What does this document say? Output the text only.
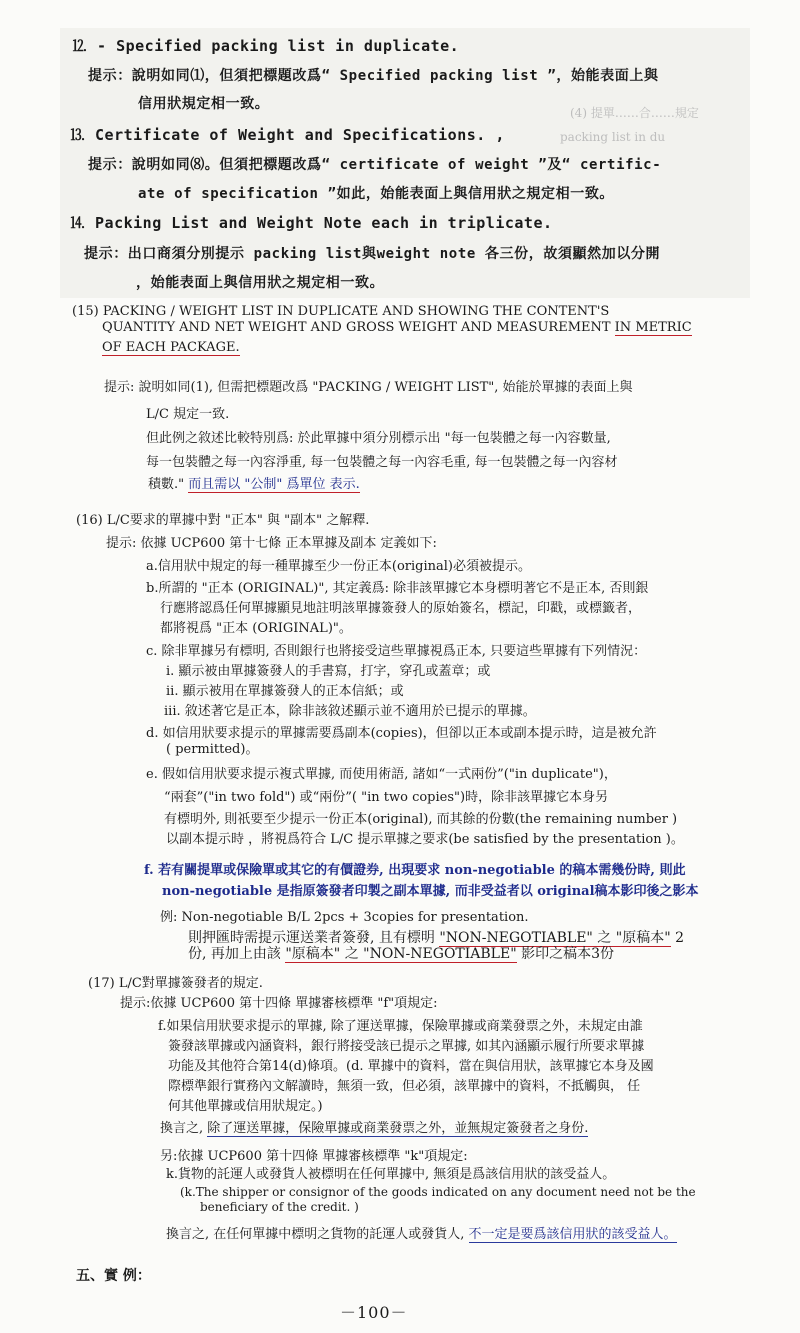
(4) 提單……合……規定
packing list in du
⒓ - Specified packing list in duplicate.
提示：說明如同⑴，但須把標題改爲“ Specified packing list ”，始能表面上與
信用狀規定相一致。
⒔ Certificate of Weight and Specifications. ,
提示：說明如同⑻。但須把標題改爲“ certificate of weight ”及“ certific-
ate of specification ”如此，始能表面上與信用狀之規定相一致。
⒕ Packing List and Weight Note each in triplicate.
提示：出口商須分別提示 packing list與weight note 各三份，故須顯然加以分開
，始能表面上與信用狀之規定相一致。
(15) PACKING / WEIGHT LIST IN DUPLICATE AND SHOWING THE CONTENT'S
QUANTITY AND NET WEIGHT AND GROSS WEIGHT AND MEASUREMENT IN METRIC
OF EACH PACKAGE.
提示: 說明如同(1), 但需把標題改爲 "PACKING / WEIGHT LIST", 始能於單據的表面上與
L/C 規定一致.
但此例之敘述比較特別爲: 於此單據中須分別標示出 "每一包裝體之每一內容數量,
每一包裝體之每一內容淨重, 每一包裝體之每一內容毛重, 每一包裝體之每一內容材
積數." 而且需以 "公制" 爲單位 表示.
(16) L/C要求的單據中對 "正本" 與 "副本" 之解釋.
提示: 依據 UCP600 第十七條 正本單據及副本 定義如下:
a.信用狀中規定的每一種單據至少一份正本(original)必須被提示。
b.所謂的 "正本 (ORIGINAL)", 其定義爲: 除非該單據它本身標明著它不是正本, 否則銀
行應將認爲任何單據顯見地註明該單據簽發人的原始簽名，標記，印戳，或標籤者，
都將視爲 "正本 (ORIGINAL)"。
c. 除非單據另有標明, 否則銀行也將接受這些單據視爲正本, 只要這些單據有下列情況：
i. 顯示被由單據簽發人的手書寫，打字，穿孔或蓋章；或
ii. 顯示被用在單據簽發人的正本信紙；或
iii. 敘述著它是正本，除非該敘述顯示並不適用於已提示的單據。
d. 如信用狀要求提示的單據需要爲副本(copies)，但卻以正本或副本提示時，這是被允許
( permitted)。
e. 假如信用狀要求提示複式單據, 而使用術語, 諸如“一式兩份”("in duplicate")，
“兩套”("in two fold") 或“兩份”( "in two copies")時，除非該單據它本身另
有標明外, 則祇要至少提示一份正本(original), 而其餘的份數(the remaining number )
以副本提示時 ，將視爲符合 L/C 提示單據之要求(be satisfied by the presentation )。
f. 若有關提單或保險單或其它的有價證券, 出現要求 non-negotiable 的稿本需幾份時, 則此
non-negotiable 是指原簽發者印製之副本單據, 而非受益者以 original稿本影印後之影本
例: Non-negotiable B/L 2pcs + 3copies for presentation.
則押匯時需提示運送業者簽發, 且有標明 "NON-NEGOTIABLE" 之 "原稿本" 2
份, 再加上由該 "原稿本" 之 "NON-NEGOTIABLE" 影印之稿本3份
(17) L/C對單據簽發者的規定.
提示:依據 UCP600 第十四條 單據審核標準 "f"項規定:
f.如果信用狀要求提示的單據, 除了運送單據，保險單據或商業發票之外，未規定由誰
簽發該單據或內涵資料，銀行將接受該已提示之單據, 如其內涵顯示履行所要求單據
功能及其他符合第14(d)條項。(d. 單據中的資料，當在與信用狀，該單據它本身及國
際標準銀行實務內文解讀時，無須一致，但必須，該單據中的資料，不抵觸與， 任
何其他單據或信用狀規定。)
換言之, 除了運送單據，保險單據或商業發票之外，並無規定簽發者之身份.
另:依據 UCP600 第十四條 單據審核標準 "k"項規定:
k.貨物的託運人或發貨人被標明在任何單據中, 無須是爲該信用狀的該受益人。
(k.The shipper or consignor of the goods indicated on any document need not be the
beneficiary of the credit. )
換言之, 在任何單據中標明之貨物的託運人或發貨人, 不一定是要爲該信用狀的該受益人。
五、實 例：
－100－
